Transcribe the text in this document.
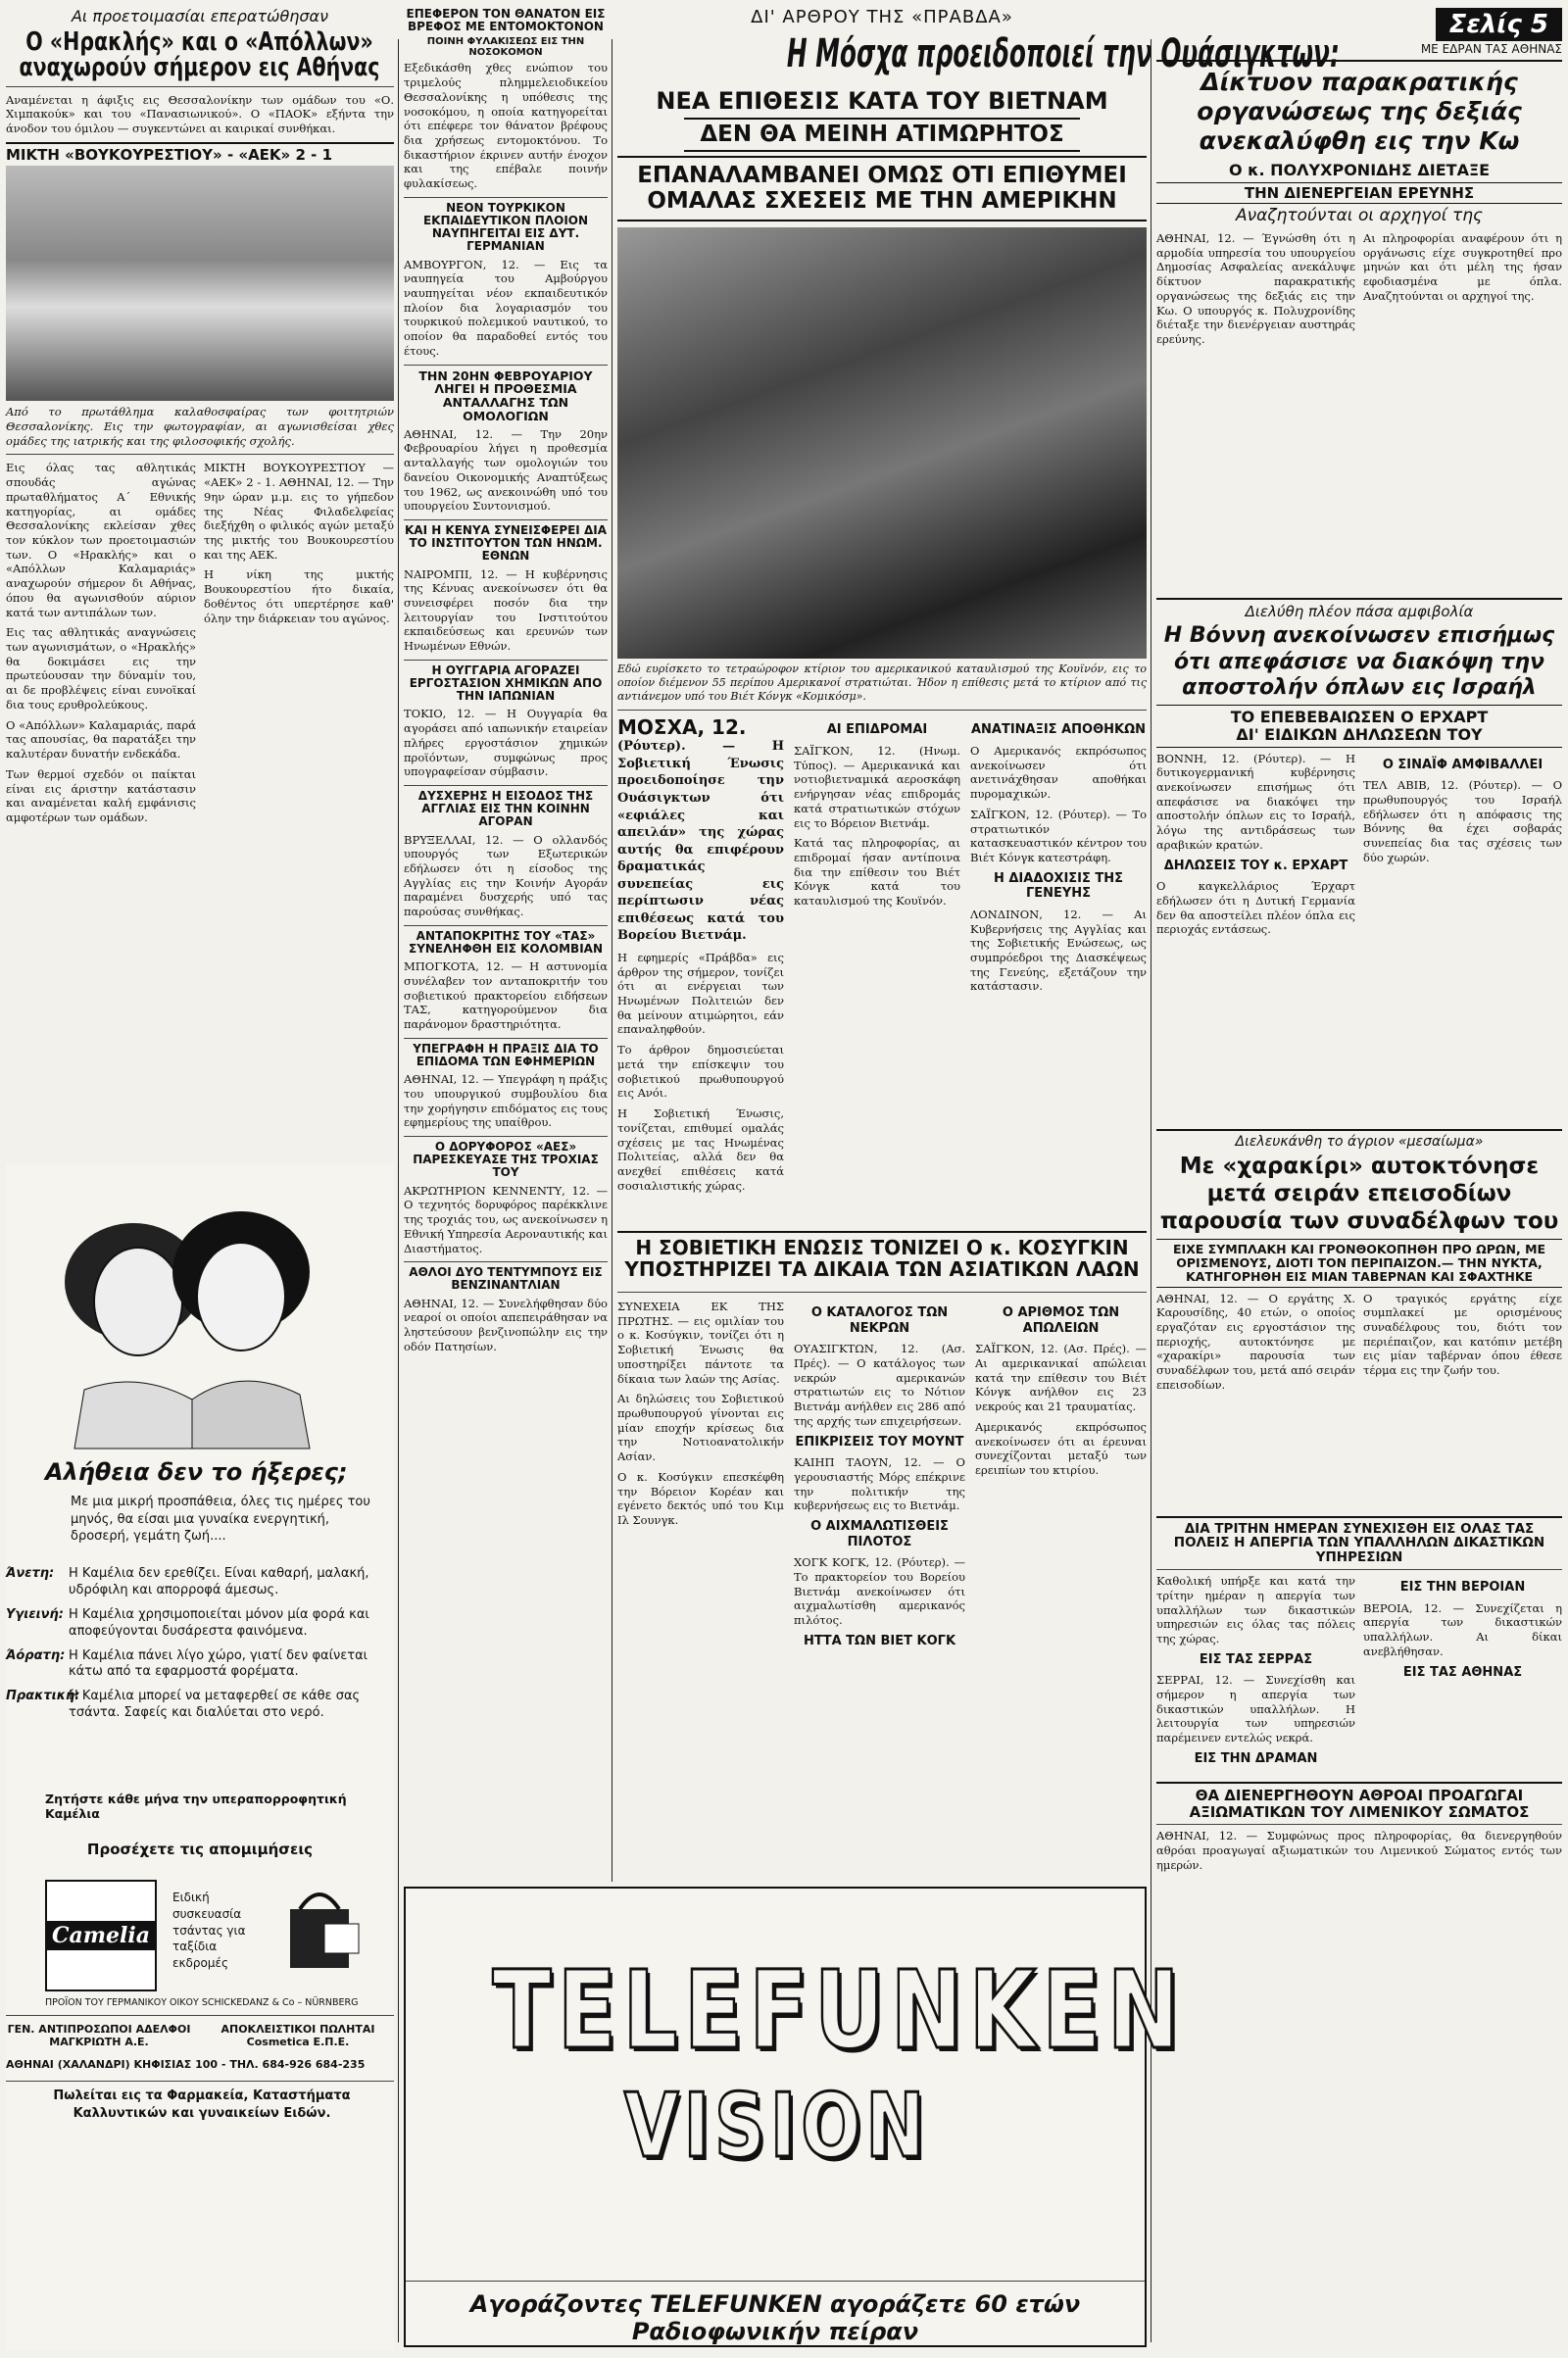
Αι προετοιμασίαι επερατώθησαν
Ο «Ηρακλής» και ο «Απόλλων» αναχωρούν σήμερον εις Αθήνας

Αναμένεται η άφιξις εις Θεσσαλονίκην των ομάδων του «Ο. Χιμπακούκ» και του «Πανασιωνικού». Ο «ΠΑΟΚ» εξήντα την άνοδον του όμιλου — συγκεντώνει αι καιρικαί συνθήκαι.

ΜΙΚΤΗ «ΒΟΥΚΟΥΡΕΣΤΙΟΥ» - «ΑΕΚ» 2 - 1

Από το πρωτάθλημα καλαθοσφαίρας των φοιτητριών Θεσσαλονίκης. Εις την φωτογραφίαν, αι αγωνισθείσαι χθες ομάδες της ιατρικής και της φιλοσοφικής σχολής.

Εις όλας τας αθλητικάς σπουδάς αγώνας πρωταθλήματος Α΄ Εθνικής κατηγορίας, αι ομάδες Θεσσαλονίκης εκλείσαν χθες τον κύκλον των προετοιμασιών των. Ο «Ηρακλής» και ο «Απόλλων Καλαμαριάς» αναχωρούν σήμερον δι Αθήνας, όπου θα αγωνισθούν αύριον κατά των αντιπάλων των.

Εις τας αθλητικάς αναγνώσεις των αγωνισμάτων, ο «Ηρακλής» θα δοκιμάσει εις την πρωτεύουσαν την δύναμίν του, αι δε προβλέψεις είναι ευνοϊκαί δια τους ερυθρολεύκους.

Ο «Απόλλων» Καλαμαριάς, παρά τας απουσίας, θα παρατάξει την καλυτέραν δυνατήν ενδεκάδα.

Των θερμοί σχεδόν οι παίκται είναι εις άριστην κατάστασιν και αναμένεται καλή εμφάνισις αμφοτέρων των ομάδων.

ΜΙΚΤΗ ΒΟΥΚΟΥΡΕΣΤΙΟΥ — «ΑΕΚ» 2 - 1. ΑΘΗΝΑΙ, 12. — Την 9ην ώραν μ.μ. εις το γήπεδον της Νέας Φιλαδελφείας διεξήχθη ο φιλικός αγών μεταξύ της μικτής του Βουκουρεστίου και της ΑΕΚ.

Η νίκη της μικτής Βουκουρεστίου ήτο δικαία, δοθέντος ότι υπερτέρησε καθ' όλην την διάρκειαν του αγώνος.

Αλήθεια δεν το ήξερες;
Με μια μικρή προσπάθεια, όλες τις ημέρες του μηνός, θα είσαι μια γυναίκα ενεργητική, δροσερή, γεμάτη ζωή....
Άνετη:	Η Καμέλια δεν ερεθίζει. Είναι καθαρή, μαλακή, υδρόφιλη και απορροφά άμεσως.
Υγιεινή: Η Καμέλια χρησιμοποιείται μόνον μία φορά και αποφεύγονται δυσάρεστα φαινόμενα.
Άόρατη: Η Καμέλια πάνει λίγο χώρο, γιατί δεν φαίνεται κάτω από τα εφαρμοστά φορέματα.
Πρακτική:
Η Καμέλια μπορεί να μεταφερθεί σε κάθε σας τσάντα. Σαφείς και διαλύεται στο νερό.
Ζητήστε κάθε μήνα την υπεραπορροφητική Καμέλια
Προσέχετε τις απομιμήσεις
Camelia
Ειδική συσκευασία τσάντας για ταξίδια εκδρομές
ΠΡΟΪΟΝ ΤΟΥ ΓΕΡΜΑΝΙΚΟΥ ΟΙΚΟΥ SCHICKEDANZ & Co – NÜRNBERG
ΓΕΝ. ΑΝΤΙΠΡΟΣΩΠΟΙ ΑΔΕΛΦΟΙ ΜΑΓΚΡΙΩΤΗ Α.Ε.
ΑΠΟΚΛΕΙΣΤΙΚΟΙ ΠΩΛΗΤΑΙ Cosmetica Ε.Π.Ε.
ΑΘΗΝΑΙ (ΧΑΛΑΝΔΡΙ) ΚΗΦΙΣΙΑΣ 100 - ΤΗΛ. 684-926 684-235
Πωλείται εις τα Φαρμακεία, Καταστήματα Καλλυντικών και γυναικείων Ειδών.
ΕΠΕΦΕΡΟΝ ΤΟΝ ΘΑΝΑΤΟΝ ΕΙΣ ΒΡΕΦΟΣ ΜΕ ΕΝΤΟΜΟΚΤΟΝΟΝ
ΠΟΙΝΗ ΦΥΛΑΚΙΣΕΩΣ ΕΙΣ ΤΗΝ ΝΟΣΟΚΟΜΟΝ

Εξεδικάσθη χθες ενώπιον του τριμελούς πλημμελειοδικείου Θεσσαλονίκης η υπόθεσις της νοσοκόμου, η οποία κατηγορείται ότι επέφερε τον θάνατον βρέφους δια χρήσεως εντομοκτόνου. Το δικαστήριον έκρινεν αυτήν ένοχον και της επέβαλε ποινήν φυλακίσεως.

ΝΕΟΝ ΤΟΥΡΚΙΚΟΝ ΕΚΠΑΙΔΕΥΤΙΚΟΝ ΠΛΟΙΟΝ ΝΑΥΠΗΓΕΙΤΑΙ ΕΙΣ ΔΥΤ. ΓΕΡΜΑΝΙΑΝ

ΑΜΒΟΥΡΓΟΝ, 12. — Εις τα ναυπηγεία του Αμβούργου ναυπηγείται νέον εκπαιδευτικόν πλοίον δια λογαριασμόν του τουρκικού πολεμικού ναυτικού, το οποίον θα παραδοθεί εντός του έτους.

ΤΗΝ 20ΗΝ ΦΕΒΡΟΥΑΡΙΟΥ ΛΗΓΕΙ Η ΠΡΟΘΕΣΜΙΑ ΑΝΤΑΛΛΑΓΗΣ ΤΩΝ ΟΜΟΛΟΓΙΩΝ

ΑΘΗΝΑΙ, 12. — Την 20ην Φεβρουαρίου λήγει η προθεσμία ανταλλαγής των ομολογιών του δανείου Οικονομικής Αναπτύξεως του 1962, ως ανεκοινώθη υπό του υπουργείου Συντονισμού.

ΚΑΙ Η ΚΕΝΥΑ ΣΥΝΕΙΣΦΕΡΕΙ ΔΙΑ ΤΟ ΙΝΣΤΙΤΟΥΤΟΝ ΤΩΝ ΗΝΩΜ. ΕΘΝΩΝ

ΝΑΙΡΟΜΠΙ, 12. — Η κυβέρνησις της Κένυας ανεκοίνωσεν ότι θα συνεισφέρει ποσόν δια την λειτουργίαν του Ινστιτούτου εκπαιδεύσεως και ερευνών των Ηνωμένων Εθνών.

Η ΟΥΓΓΑΡΙΑ ΑΓΟΡΑΖΕΙ ΕΡΓΟΣΤΑΣΙΟΝ ΧΗΜΙΚΩΝ ΑΠΟ ΤΗΝ ΙΑΠΩΝΙΑΝ

ΤΟΚΙΟ, 12. — Η Ουγγαρία θα αγοράσει από ιαπωνικήν εταιρείαν πλήρες εργοστάσιον χημικών προϊόντων, συμφώνως προς υπογραφείσαν σύμβασιν.

ΔΥΣΧΕΡΗΣ Η ΕΙΣΟΔΟΣ ΤΗΣ ΑΓΓΛΙΑΣ ΕΙΣ ΤΗΝ ΚΟΙΝΗΝ ΑΓΟΡΑΝ

ΒΡΥΞΕΛΛΑΙ, 12. — Ο ολλανδός υπουργός των Εξωτερικών εδήλωσεν ότι η είσοδος της Αγγλίας εις την Κοινήν Αγοράν παραμένει δυσχερής υπό τας παρούσας συνθήκας.

ΑΝΤΑΠΟΚΡΙΤΗΣ ΤΟΥ «ΤΑΣ» ΣΥΝΕΛΗΦΘΗ ΕΙΣ ΚΟΛΟΜΒΙΑΝ

ΜΠΟΓΚΟΤΑ, 12. — Η αστυνομία συνέλαβεν τον ανταποκριτήν του σοβιετικού πρακτορείου ειδήσεων ΤΑΣ, κατηγορούμενον δια παράνομον δραστηριότητα.

ΥΠΕΓΡΑΦΗ Η ΠΡΑΞΙΣ ΔΙΑ ΤΟ ΕΠΙΔΟΜΑ ΤΩΝ ΕΦΗΜΕΡΙΩΝ

ΑΘΗΝΑΙ, 12. — Υπεγράφη η πράξις του υπουργικού συμβουλίου δια την χορήγησιν επιδόματος εις τους εφημερίους της υπαίθρου.

Ο ΔΟΡΥΦΟΡΟΣ «ΑΕΣ» ΠΑΡΕΣΚΕΥΑΣΕ ΤΗΣ ΤΡΟΧΙΑΣ ΤΟΥ

ΑΚΡΩΤΗΡΙΟΝ ΚΕΝΝΕΝΤΥ, 12. — Ο τεχνητός δορυφόρος παρέκκλινε της τροχιάς του, ως ανεκοίνωσεν η Εθνική Υπηρεσία Αεροναυτικής και Διαστήματος.

ΑΘΛΟΙ ΔΥΟ ΤΕΝΤΥΜΠΟΥΣ ΕΙΣ ΒΕΝΖΙΝΑΝΤΛΙΑΝ

ΑΘΗΝΑΙ, 12. — Συνελήφθησαν δύο νεαροί οι οποίοι απεπειράθησαν να ληστεύσουν βενζινοπώλην εις την οδόν Πατησίων.

ΔΙ' ΑΡΘΡΟΥ ΤΗΣ «ΠΡΑΒΔΑ»
Η Μόσχα προειδοποιεί την Ουάσιγκτων:
ΝΕΑ ΕΠΙΘΕΣΙΣ ΚΑΤΑ ΤΟΥ ΒΙΕΤΝΑΜ
ΔΕΝ ΘΑ ΜΕΙΝΗ ΑΤΙΜΩΡΗΤΟΣ
ΕΠΑΝΑΛΑΜΒΑΝΕΙ ΟΜΩΣ ΟΤΙ ΕΠΙΘΥΜΕΙ ΟΜΑΛΑΣ ΣΧΕΣΕΙΣ ΜΕ ΤΗΝ ΑΜΕΡΙΚΗΝ

Εδώ ευρίσκετο το τετραώροφον κτίριον του αμερικανικού καταυλισμού της Κουϊνόν, εις το οποίον διέμενον 55 περίπου Αμερικανοί στρατιώται. Ήδον η επίθεσις μετά το κτίριον από τις αντιάνεμον υπό του Βιέτ Κόνγκ «Κομικόσμ».

ΜΟΣΧΑ, 12.

(Ρόυτερ). — Η Σοβιετική Ένωσις προειδοποίησε την Ουάσιγκτων ότι «εφιάλες και απειλάν» της χώρας αυτής θα επιφέρουν δραματικάς συνεπείας εις περίπτωσιν νέας επιθέσεως κατά του Βορείου Βιετνάμ.

Η εφημερίς «Πράβδα» εις άρθρον της σήμερον, τονίζει ότι αι ενέργειαι των Ηνωμένων Πολιτειών δεν θα μείνουν ατιμώρητοι, εάν επαναληφθούν.

Το άρθρον δημοσιεύεται μετά την επίσκεψιν του σοβιετικού πρωθυπουργού εις Ανόι.

Η Σοβιετική Ένωσις, τονίζεται, επιθυμεί ομαλάς σχέσεις με τας Ηνωμένας Πολιτείας, αλλά δεν θα ανεχθεί επιθέσεις κατά σοσιαλιστικής χώρας.

ΑΙ ΕΠΙΔΡΟΜΑΙ

ΣΑΪΓΚΟΝ, 12. (Ηνωμ. Τύπος). — Αμερικανικά και νοτιοβιετναμικά αεροσκάφη ενήργησαν νέας επιδρομάς κατά στρατιωτικών στόχων εις το Βόρειον Βιετνάμ.

Κατά τας πληροφορίας, αι επιδρομαί ήσαν αντίποινα δια την επίθεσιν του Βιέτ Κόνγκ κατά του καταυλισμού της Κουϊνόν.

ΑΝΑΤΙΝΑΞΙΣ ΑΠΟΘΗΚΩΝ

Ο Αμερικανός εκπρόσωπος ανεκοίνωσεν ότι ανετινάχθησαν αποθήκαι πυρομαχικών.

ΣΑΪΓΚΟΝ, 12. (Ρόυτερ). — Το στρατιωτικόν κατασκευαστικόν κέντρον του Βιέτ Κόνγκ κατεστράφη.

Η ΔΙΑΔΟΧΙΣΙΣ ΤΗΣ ΓΕΝΕΥΗΣ

ΛΟΝΔΙΝΟΝ, 12. — Αι Κυβερνήσεις της Αγγλίας και της Σοβιετικής Ενώσεως, ως συμπρόεδροι της Διασκέψεως της Γενεύης, εξετάζουν την κατάστασιν.

Η ΣΟΒΙΕΤΙΚΗ ΕΝΩΣΙΣ ΤΟΝΙΖΕΙ Ο κ. ΚΟΣΥΓΚΙΝ ΥΠΟΣΤΗΡΙΖΕΙ ΤΑ ΔΙΚΑΙΑ ΤΩΝ ΑΣΙΑΤΙΚΩΝ ΛΑΩΝ

ΣΥΝΕΧΕΙΑ ΕΚ ΤΗΣ ΠΡΩΤΗΣ. — εις ομιλίαν του ο κ. Κοσύγκιν, τονίζει ότι η Σοβιετική Ένωσις θα υποστηρίξει πάντοτε τα δίκαια των λαών της Ασίας.

Αι δηλώσεις του Σοβιετικού πρωθυπουργού γίνονται εις μίαν εποχήν κρίσεως δια την Νοτιοανατολικήν Ασίαν.

Ο κ. Κοσύγκιν επεσκέφθη την Βόρειον Κορέαν και εγένετο δεκτός υπό του Κιμ Ιλ Σουνγκ.

Ο ΚΑΤΑΛΟΓΟΣ ΤΩΝ ΝΕΚΡΩΝ

ΟΥΑΣΙΓΚΤΩΝ, 12. (Ασ. Πρές). — Ο κατάλογος των νεκρών αμερικανών στρατιωτών εις το Νότιον Βιετνάμ ανήλθεν εις 286 από της αρχής των επιχειρήσεων.

ΕΠΙΚΡΙΣΕΙΣ ΤΟΥ ΜΟΥΝΤ

ΚΑΙΗΠ ΤΑΟΥΝ, 12. — Ο γερουσιαστής Μόρς επέκρινε την πολιτικήν της κυβερνήσεως εις το Βιετνάμ.

Ο ΑΙΧΜΑΛΩΤΙΣΘΕΙΣ ΠΙΛΟΤΟΣ

ΧΟΓΚ ΚΟΓΚ, 12. (Ρόυτερ). — Το πρακτορείον του Βορείου Βιετνάμ ανεκοίνωσεν ότι αιχμαλωτίσθη αμερικανός πιλότος.

ΗΤΤΑ ΤΩΝ ΒΙΕΤ ΚΟΓΚ
Ο ΑΡΙΘΜΟΣ ΤΩΝ ΑΠΩΛΕΙΩΝ

ΣΑΪΓΚΟΝ, 12. (Ασ. Πρές). — Αι αμερικανικαί απώλειαι κατά την επίθεσιν του Βιέτ Κόνγκ ανήλθον εις 23 νεκρούς και 21 τραυματίας.

Αμερικανός εκπρόσωπος ανεκοίνωσεν ότι αι έρευναι συνεχίζονται μεταξύ των ερειπίων του κτιρίου.

Σελίς 5
ΜΕ ΕΔΡΑΝ ΤΑΣ ΑΘΗΝΑΣ
Δίκτυον παρακρατικής οργανώσεως της δεξιάς ανεκαλύφθη εις την Κω
Ο κ. ΠΟΛΥΧΡΟΝΙΔΗΣ ΔΙΕΤΑΞΕ
ΤΗΝ ΔΙΕΝΕΡΓΕΙΑΝ ΕΡΕΥΝΗΣ
Αναζητούνται οι αρχηγοί της

ΑΘΗΝΑΙ, 12. — Έγνώσθη ότι η αρμοδία υπηρεσία του υπουργείου Δημοσίας Ασφαλείας ανεκάλυψε δίκτυον παρακρατικής οργανώσεως της δεξιάς εις την Κω. Ο υπουργός κ. Πολυχρονίδης διέταξε την διενέργειαν αυστηράς ερεύνης.

Αι πληροφορίαι αναφέρουν ότι η οργάνωσις είχε συγκροτηθεί προ μηνών και ότι μέλη της ήσαν εφοδιασμένα με όπλα. Αναζητούνται οι αρχηγοί της.

Διελύθη πλέον πάσα αμφιβολία
Η Βόννη ανεκοίνωσεν επισήμως ότι απεφάσισε να διακόψη την αποστολήν όπλων εις Ισραήλ
ΤΟ ΕΠΕΒΕΒΑΙΩΣΕΝ Ο ΕΡΧΑΡΤ
ΔΙ' ΕΙΔΙΚΩΝ ΔΗΛΩΣΕΩΝ ΤΟΥ

ΒΟΝΝΗ, 12. (Ρόυτερ). — Η δυτικογερμανική κυβέρνησις ανεκοίνωσεν επισήμως ότι απεφάσισε να διακόψει την αποστολήν όπλων εις το Ισραήλ, λόγω της αντιδράσεως των αραβικών κρατών.

ΔΗΛΩΣΕΙΣ ΤΟΥ κ. ΕΡΧΑΡΤ

Ο καγκελλάριος Έρχαρτ εδήλωσεν ότι η Δυτική Γερμανία δεν θα αποστείλει πλέον όπλα εις περιοχάς εντάσεως.

Ο ΣΙΝΑΪΦ ΑΜΦΙΒΑΛΛΕΙ

ΤΕΛ ΑΒΙΒ, 12. (Ρόυτερ). — Ο πρωθυπουργός του Ισραήλ εδήλωσεν ότι η απόφασις της Βόννης θα έχει σοβαράς συνεπείας δια τας σχέσεις των δύο χωρών.

Διελευκάνθη το άγριον «μεσαίωμα»
Με «χαρακίρι» αυτοκτόνησε μετά σειράν επεισοδίων παρουσία των συναδέλφων του
ΕΙΧΕ ΣΥΜΠΛΑΚΗ ΚΑΙ ΓΡΟΝΘΟΚΟΠΗΘΗ ΠΡΟ ΩΡΩΝ, ΜΕ ΟΡΙΣΜΕΝΟΥΣ, ΔΙΟΤΙ ΤΟΝ ΠΕΡΙΠΑΙΖΟΝ.— ΤΗΝ ΝΥΚΤΑ, ΚΑΤΗΓΟΡΗΘΗ ΕΙΣ ΜΙΑΝ ΤΑΒΕΡΝΑΝ ΚΑΙ ΣΦΑΧΤΗΚΕ

ΑΘΗΝΑΙ, 12. — Ο εργάτης Χ. Καρουσίδης, 40 ετών, ο οποίος εργαζόταν εις εργοστάσιον της περιοχής, αυτοκτόνησε με «χαρακίρι» παρουσία των συναδέλφων του, μετά από σειράν επεισοδίων.

Ο τραγικός εργάτης είχε συμπλακεί με ορισμένους συναδέλφους του, διότι τον περιέπαιζον, και κατόπιν μετέβη εις μίαν ταβέρναν όπου έθεσε τέρμα εις την ζωήν του.

ΔΙΑ ΤΡΙΤΗΝ ΗΜΕΡΑΝ ΣΥΝΕΧΙΣΘΗ ΕΙΣ ΟΛΑΣ ΤΑΣ ΠΟΛΕΙΣ Η ΑΠΕΡΓΙΑ ΤΩΝ ΥΠΑΛΛΗΛΩΝ ΔΙΚΑΣΤΙΚΩΝ ΥΠΗΡΕΣΙΩΝ

Καθολική υπήρξε και κατά την τρίτην ημέραν η απεργία των υπαλλήλων των δικαστικών υπηρεσιών εις όλας τας πόλεις της χώρας.

ΕΙΣ ΤΑΣ ΣΕΡΡΑΣ

ΣΕΡΡΑΙ, 12. — Συνεχίσθη και σήμερον η απεργία των δικαστικών υπαλλήλων. Η λειτουργία των υπηρεσιών παρέμεινεν εντελώς νεκρά.

ΕΙΣ ΤΗΝ ΔΡΑΜΑΝ
ΕΙΣ ΤΗΝ ΒΕΡΟΙΑΝ

ΒΕΡΟΙΑ, 12. — Συνεχίζεται η απεργία των δικαστικών υπαλλήλων. Αι δίκαι ανεβλήθησαν.

ΕΙΣ ΤΑΣ ΑΘΗΝΑΣ
ΘΑ ΔΙΕΝΕΡΓΗΘΟΥΝ ΑΘΡΟΑΙ ΠΡΟΑΓΩΓΑΙ ΑΞΙΩΜΑΤΙΚΩΝ ΤΟΥ ΛΙΜΕΝΙΚΟΥ ΣΩΜΑΤΟΣ

ΑΘΗΝΑΙ, 12. — Συμφώνως προς πληροφορίας, θα διενεργηθούν αθρόαι προαγωγαί αξιωματικών του Λιμενικού Σώματος εντός των ημερών.

TELEFUNKEN
VISION
Αγοράζοντες TELEFUNKEN αγοράζετε 60 ετών Ραδιοφωνικήν πείραν
